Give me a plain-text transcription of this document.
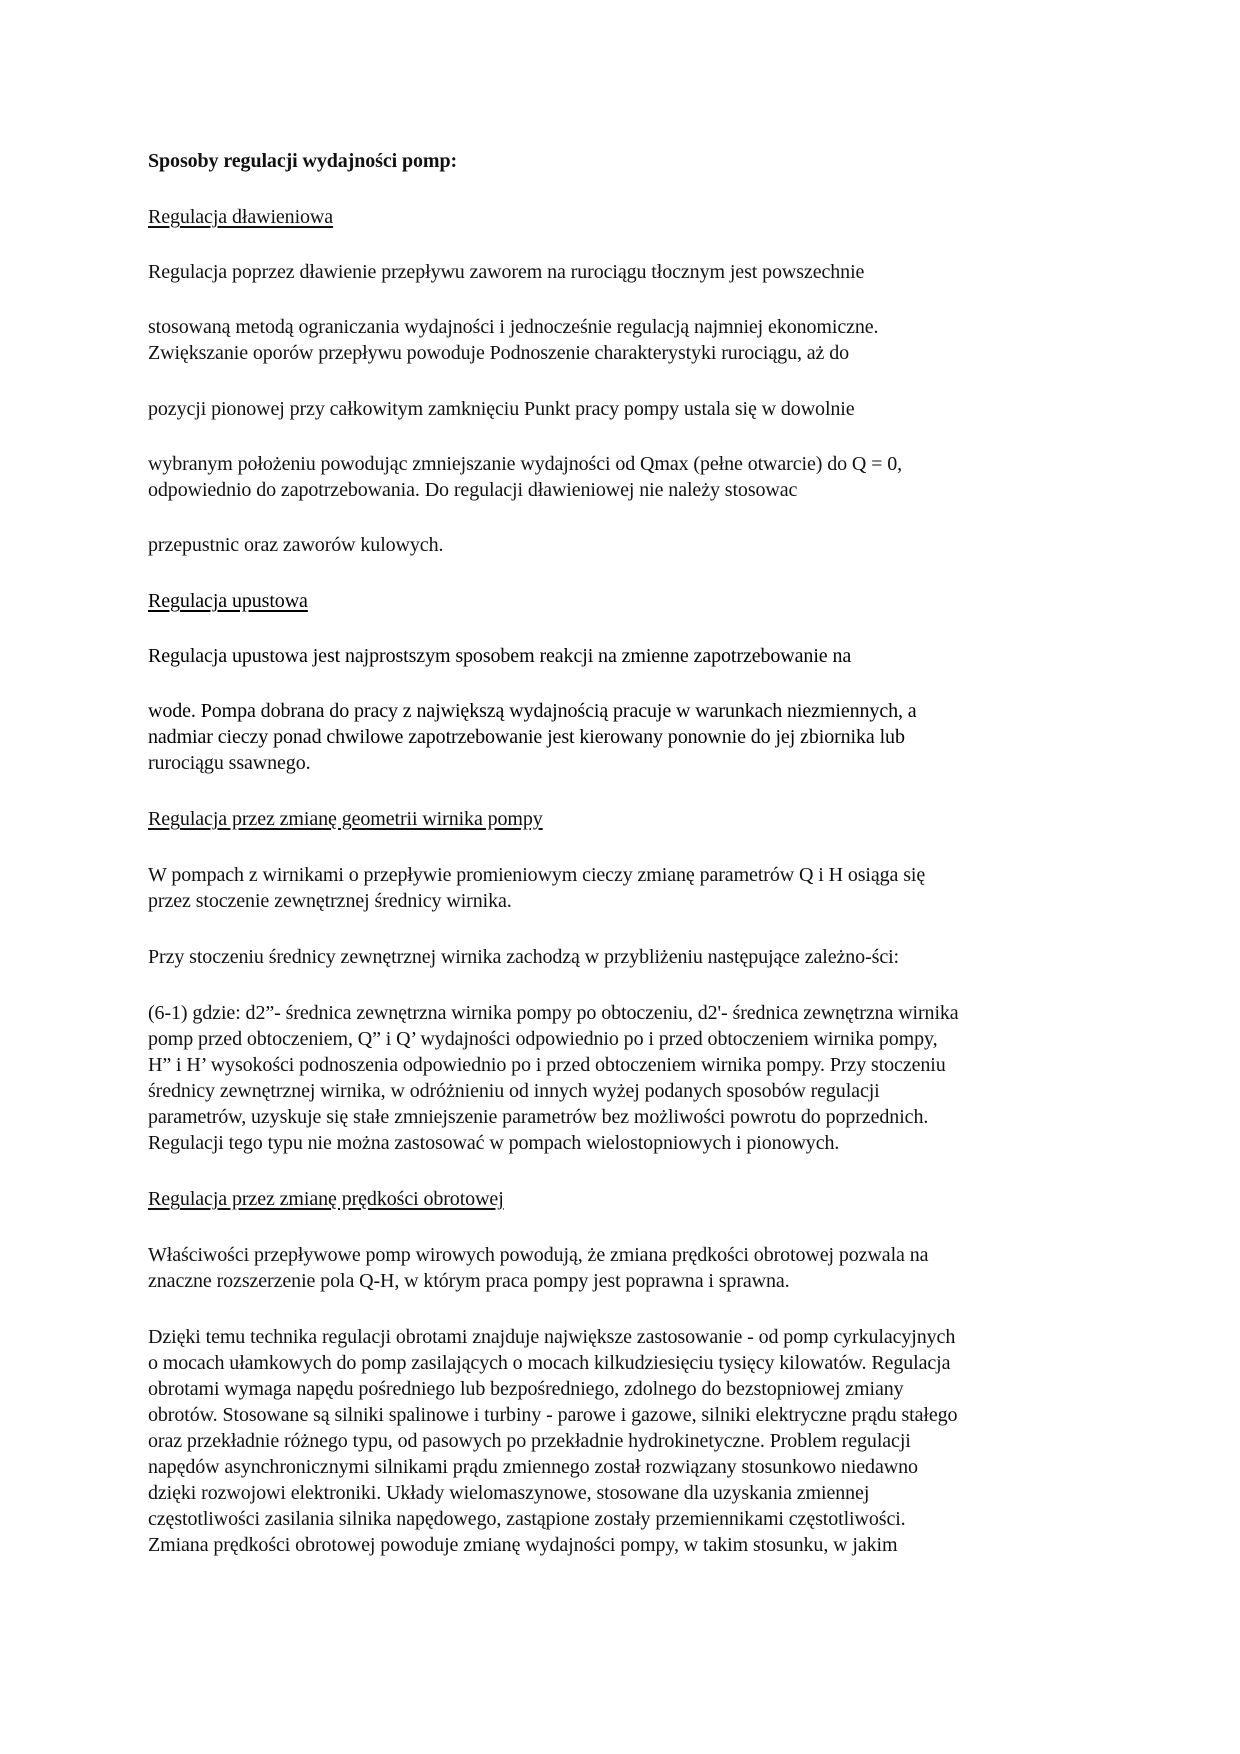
Sposoby regulacji wydajności pomp:

Regulacja dławieniowa

Regulacja poprzez dławienie przepływu zaworem na rurociągu tłocznym jest powszechnie

stosowaną metodą ograniczania wydajności i jednocześnie regulacją najmniej ekonomiczne.

Zwiększanie oporów przepływu powoduje Podnoszenie charakterystyki rurociągu, aż do

pozycji pionowej przy całkowitym zamknięciu Punkt pracy pompy ustala się w dowolnie

wybranym położeniu powodując zmniejszanie wydajności od Qmax (pełne otwarcie) do Q = 0,

odpowiednio do zapotrzebowania. Do regulacji dławieniowej nie należy stosowac

przepustnic oraz zaworów kulowych.

Regulacja upustowa

Regulacja upustowa jest najprostszym sposobem reakcji na zmienne zapotrzebowanie na

wode. Pompa dobrana do pracy z największą wydajnością pracuje w warunkach niezmiennych, a

nadmiar cieczy ponad chwilowe zapotrzebowanie jest kierowany ponownie do jej zbiornika lub

rurociągu ssawnego.

Regulacja przez zmianę geometrii wirnika pompy

W pompach z wirnikami o przepływie promieniowym cieczy zmianę parametrów Q i H osiąga się

przez stoczenie zewnętrznej średnicy wirnika.

Przy stoczeniu średnicy zewnętrznej wirnika zachodzą w przybliżeniu następujące zależno-ści:

(6-1) gdzie: d2”- średnica zewnętrzna wirnika pompy po obtoczeniu, d2'- średnica zewnętrzna wirnika

pomp przed obtoczeniem, Q” i Q’ wydajności odpowiednio po i przed obtoczeniem wirnika pompy,

H” i H’ wysokości podnoszenia odpowiednio po i przed obtoczeniem wirnika pompy. Przy stoczeniu

średnicy zewnętrznej wirnika, w odróżnieniu od innych wyżej podanych sposobów regulacji

parametrów, uzyskuje się stałe zmniejszenie parametrów bez możliwości powrotu do poprzednich.

Regulacji tego typu nie można zastosować w pompach wielostopniowych i pionowych.

Regulacja przez zmianę prędkości obrotowej

Właściwości przepływowe pomp wirowych powodują, że zmiana prędkości obrotowej pozwala na

znaczne rozszerzenie pola Q-H, w którym praca pompy jest poprawna i sprawna.

Dzięki temu technika regulacji obrotami znajduje największe zastosowanie - od pomp cyrkulacyjnych

o mocach ułamkowych do pomp zasilających o mocach kilkudziesięciu tysięcy kilowatów. Regulacja

obrotami wymaga napędu pośredniego lub bezpośredniego, zdolnego do bezstopniowej zmiany

obrotów. Stosowane są silniki spalinowe i turbiny - parowe i gazowe, silniki elektryczne prądu stałego

oraz przekładnie różnego typu, od pasowych po przekładnie hydrokinetyczne. Problem regulacji

napędów asynchronicznymi silnikami prądu zmiennego został rozwiązany stosunkowo niedawno

dzięki rozwojowi elektroniki. Układy wielomaszynowe, stosowane dla uzyskania zmiennej

częstotliwości zasilania silnika napędowego, zastąpione zostały przemiennikami częstotliwości.

Zmiana prędkości obrotowej powoduje zmianę wydajności pompy, w takim stosunku, w jakim
